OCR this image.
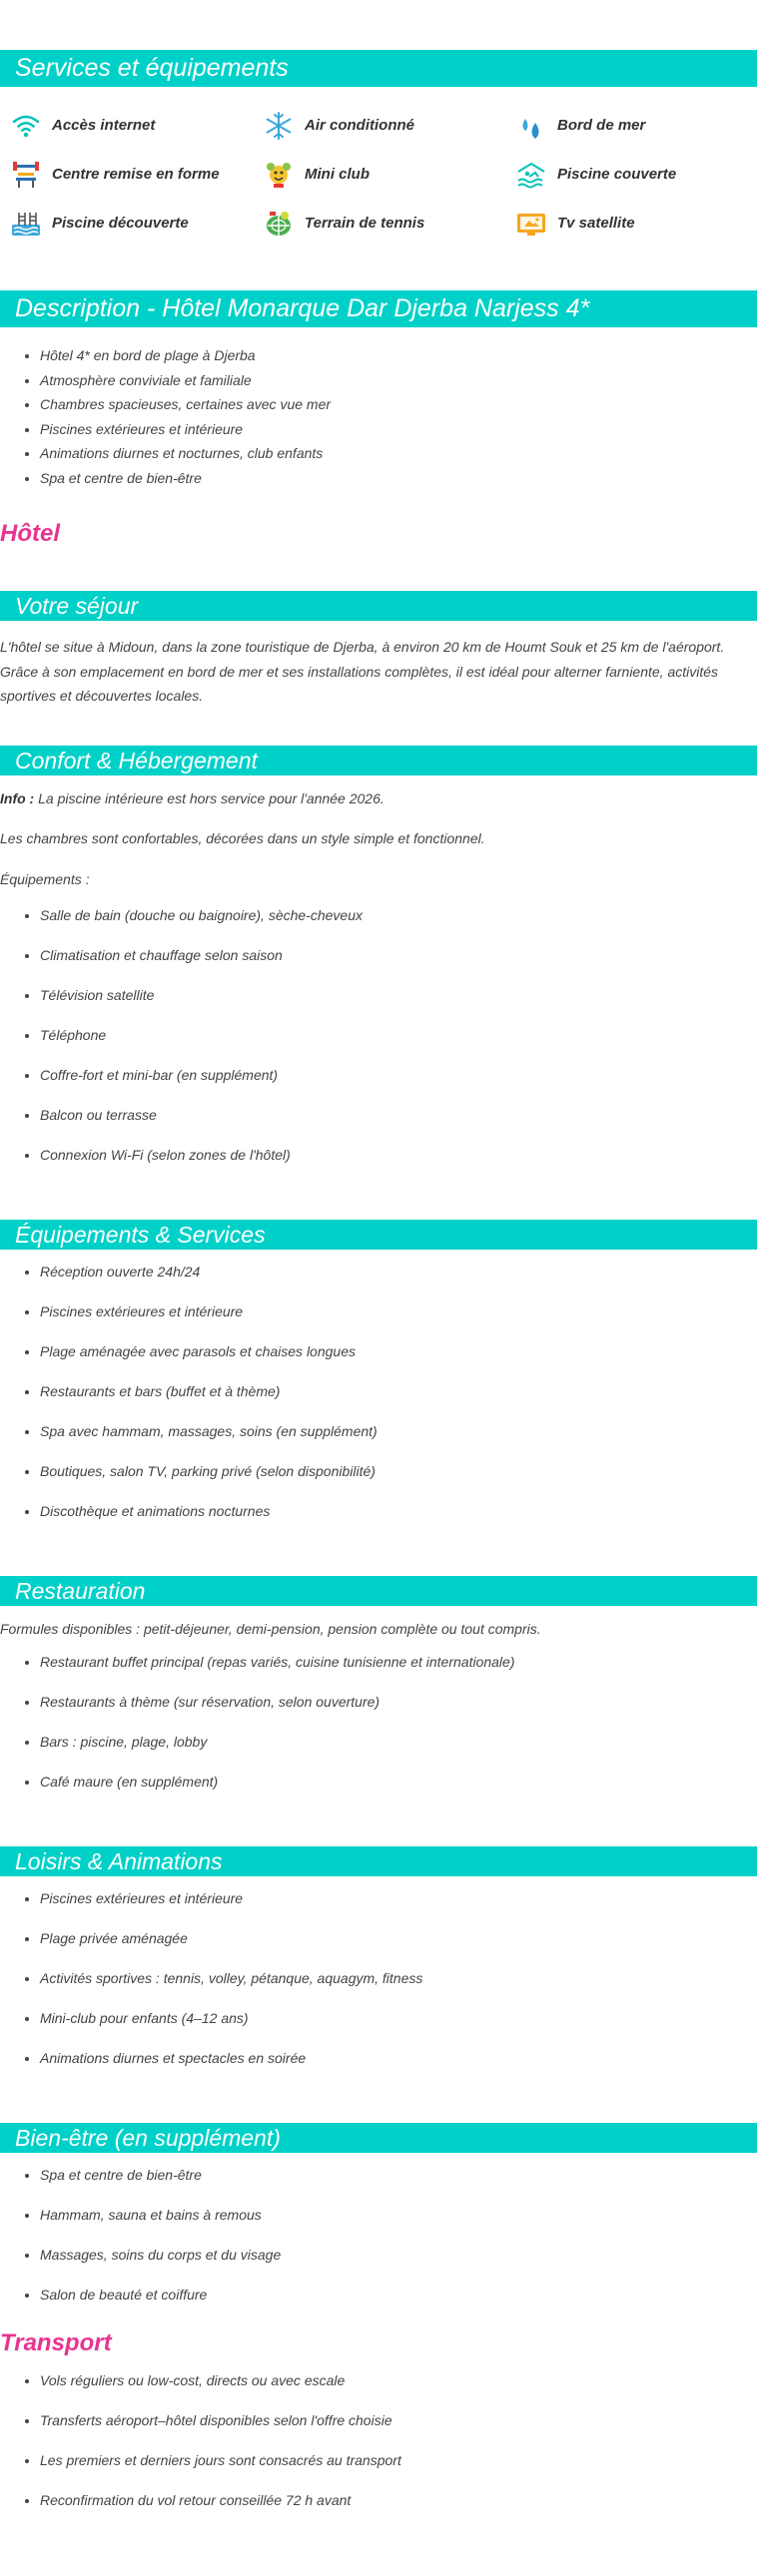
Services et équipements
Accès internet	Air conditionné	Bord de mer
Centre remise en forme	Mini club	Piscine couverte
Piscine découverte	Terrain de tennis	Tv satellite
Description - Hôtel Monarque Dar Djerba Narjess 4*
• Hôtel 4* en bord de plage à Djerba
• Atmosphère conviviale et familiale
• Chambres spacieuses, certaines avec vue mer
• Piscines extérieures et intérieure
• Animations diurnes et nocturnes, club enfants
• Spa et centre de bien-être
Hôtel
Votre séjour

L'hôtel se situe à Midoun, dans la zone touristique de Djerba, à environ 20 km de Houmt Souk et 25 km de l'aéroport. Grâce à son emplacement en bord de mer et ses installations complètes, il est idéal pour alterner farniente, activités sportives et découvertes locales.

Confort & Hébergement

Info : La piscine intérieure est hors service pour l'année 2026.

Les chambres sont confortables, décorées dans un style simple et fonctionnel.

Équipements :

• Salle de bain (douche ou baignoire), sèche-cheveux
• Climatisation et chauffage selon saison
• Télévision satellite
• Téléphone
• Coffre-fort et mini-bar (en supplément)
• Balcon ou terrasse
• Connexion Wi-Fi (selon zones de l'hôtel)
Équipements & Services
• Réception ouverte 24h/24
• Piscines extérieures et intérieure
• Plage aménagée avec parasols et chaises longues
• Restaurants et bars (buffet et à thème)
• Spa avec hammam, massages, soins (en supplément)
• Boutiques, salon TV, parking privé (selon disponibilité)
• Discothèque et animations nocturnes
Restauration

Formules disponibles : petit-déjeuner, demi-pension, pension complète ou tout compris.

• Restaurant buffet principal (repas variés, cuisine tunisienne et internationale)
• Restaurants à thème (sur réservation, selon ouverture)
• Bars : piscine, plage, lobby
• Café maure (en supplément)
Loisirs & Animations
• Piscines extérieures et intérieure
• Plage privée aménagée
• Activités sportives : tennis, volley, pétanque, aquagym, fitness
• Mini-club pour enfants (4–12 ans)
• Animations diurnes et spectacles en soirée
Bien-être (en supplément)
• Spa et centre de bien-être
• Hammam, sauna et bains à remous
• Massages, soins du corps et du visage
• Salon de beauté et coiffure
Transport
• Vols réguliers ou low-cost, directs ou avec escale
• Transferts aéroport–hôtel disponibles selon l'offre choisie
• Les premiers et derniers jours sont consacrés au transport
• Reconfirmation du vol retour conseillée 72 h avant
